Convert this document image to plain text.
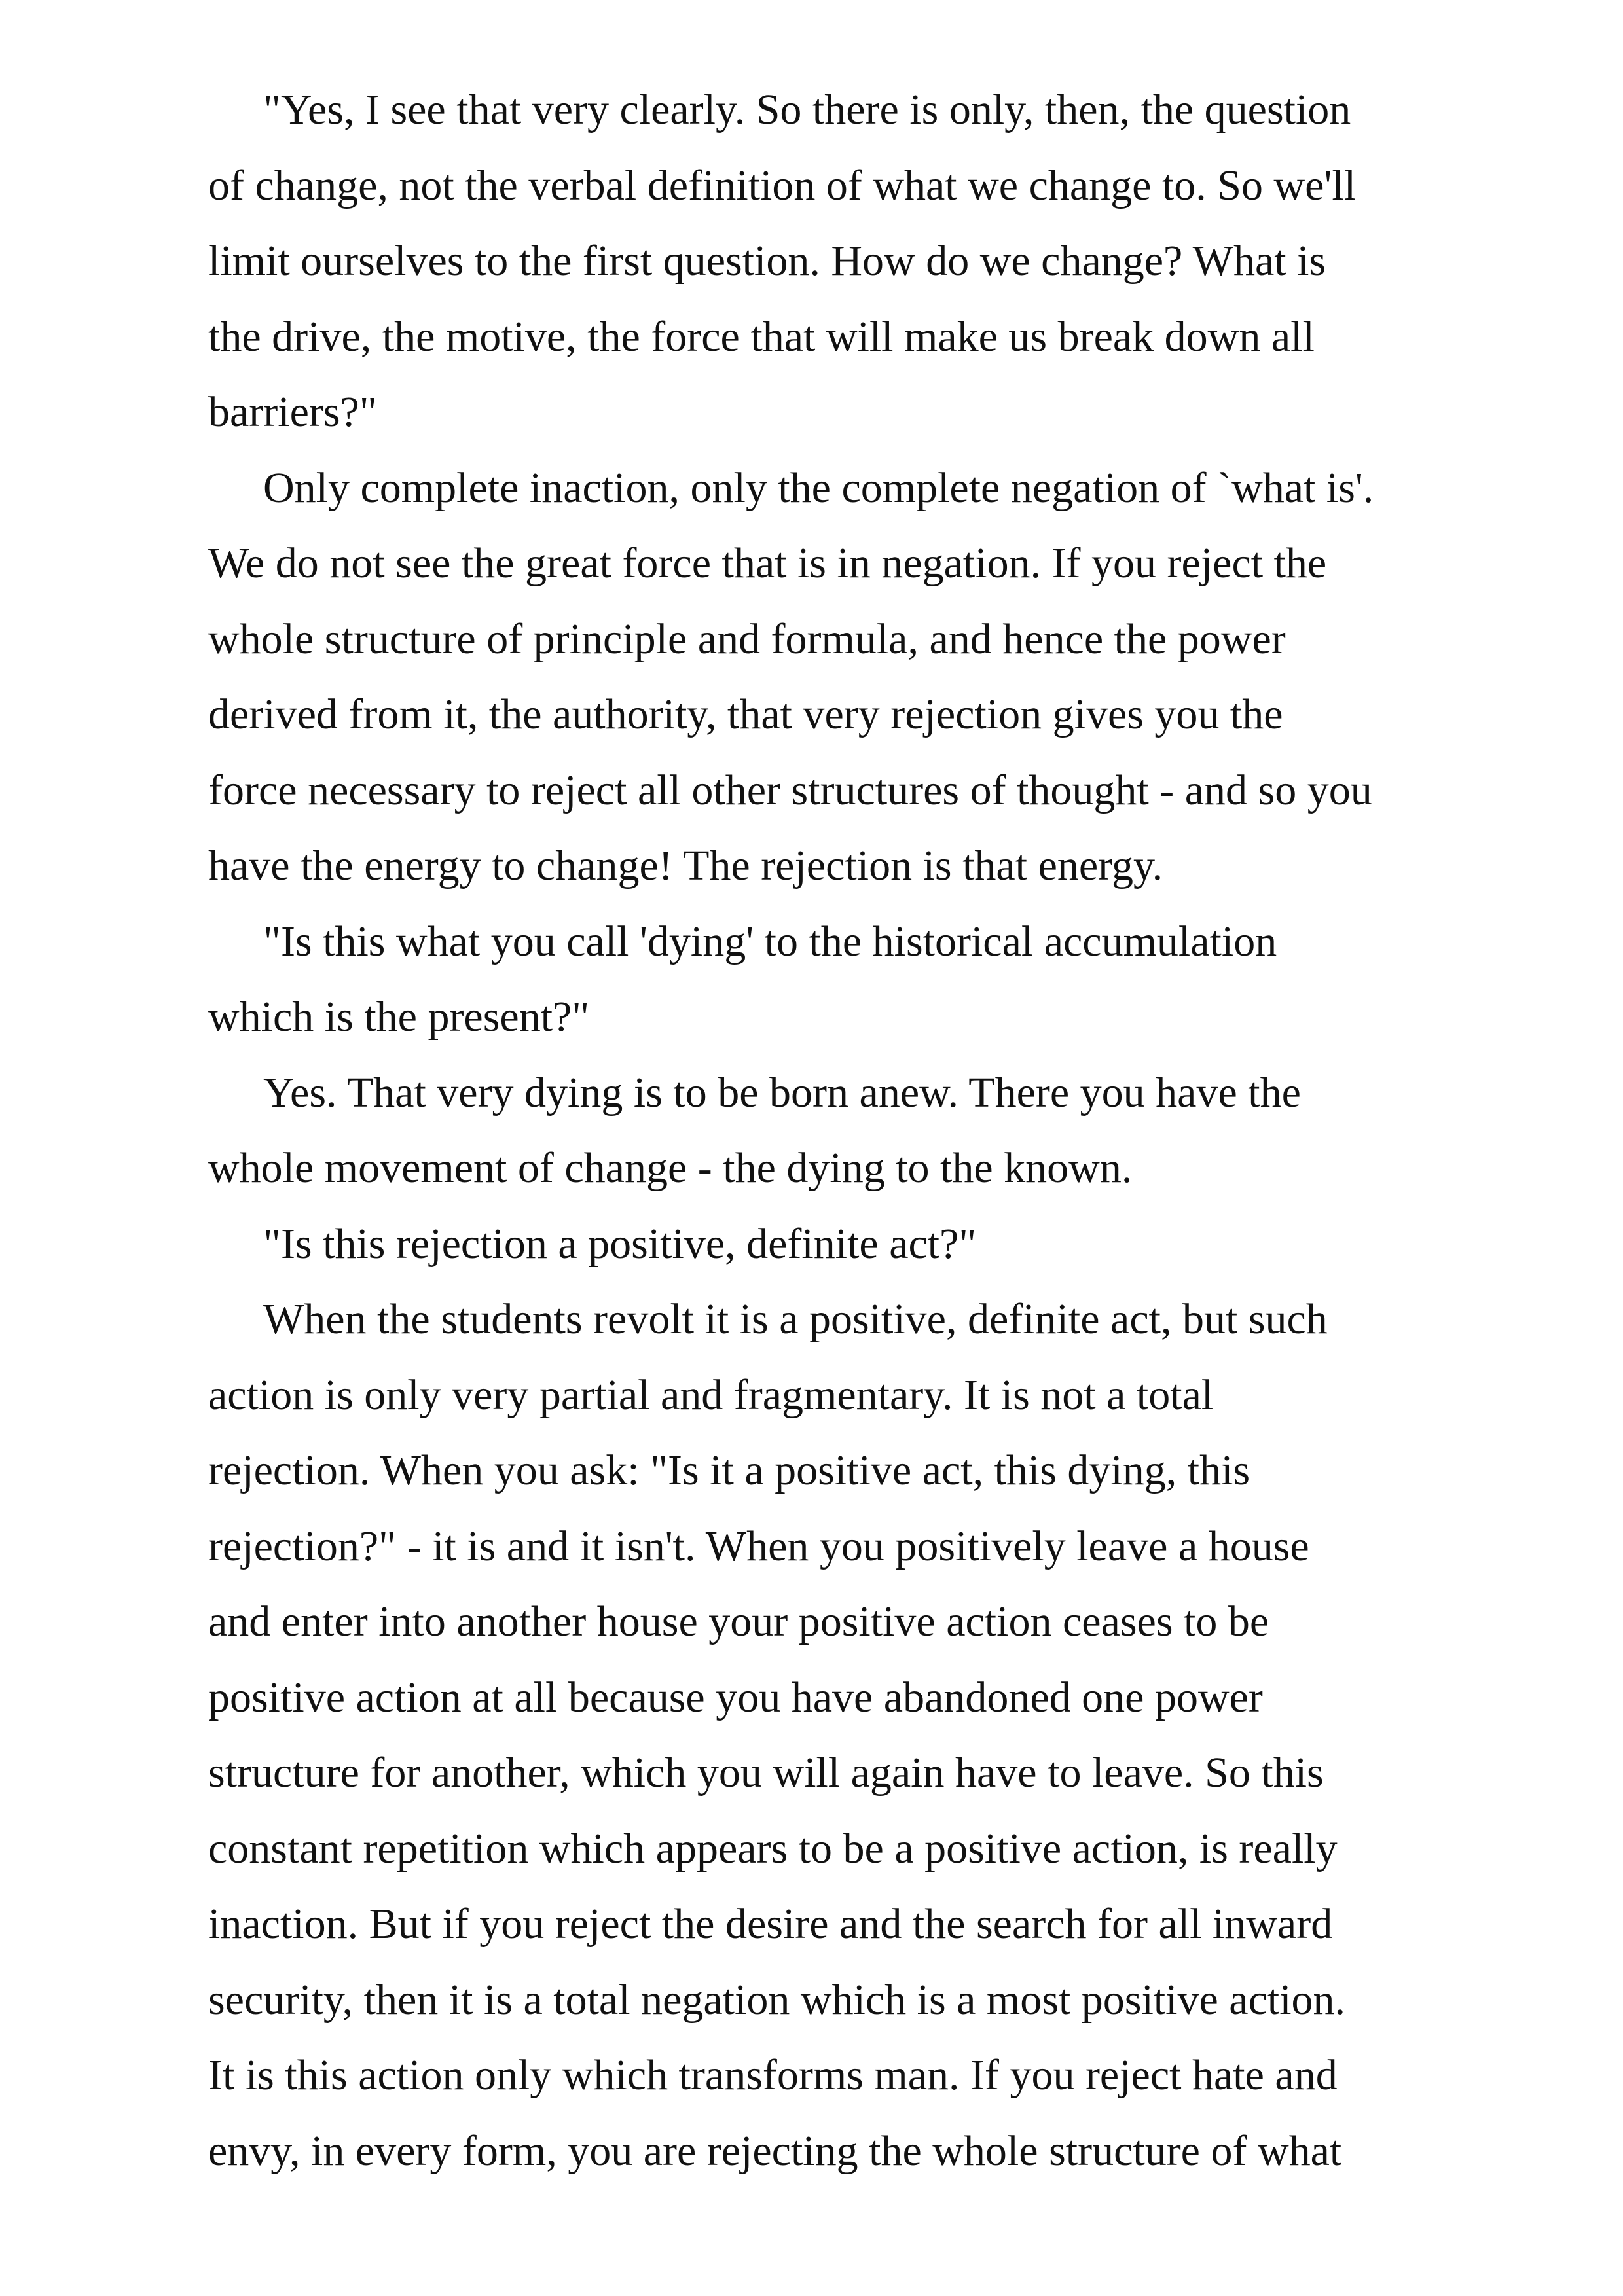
"Yes, I see that very clearly. So there is only, then, the question
of change, not the verbal definition of what we change to. So we'll
limit ourselves to the first question. How do we change? What is
the drive, the motive, the force that will make us break down all
barriers?"
Only complete inaction, only the complete negation of `what is'.
We do not see the great force that is in negation. If you reject the
whole structure of principle and formula, and hence the power
derived from it, the authority, that very rejection gives you the
force necessary to reject all other structures of thought - and so you
have the energy to change! The rejection is that energy.
"Is this what you call 'dying' to the historical accumulation
which is the present?"
Yes. That very dying is to be born anew. There you have the
whole movement of change - the dying to the known.
"Is this rejection a positive, definite act?"
When the students revolt it is a positive, definite act, but such
action is only very partial and fragmentary. It is not a total
rejection. When you ask: "Is it a positive act, this dying, this
rejection?" - it is and it isn't. When you positively leave a house
and enter into another house your positive action ceases to be
positive action at all because you have abandoned one power
structure for another, which you will again have to leave. So this
constant repetition which appears to be a positive action, is really
inaction. But if you reject the desire and the search for all inward
security, then it is a total negation which is a most positive action.
It is this action only which transforms man. If you reject hate and
envy, in every form, you are rejecting the whole structure of what
